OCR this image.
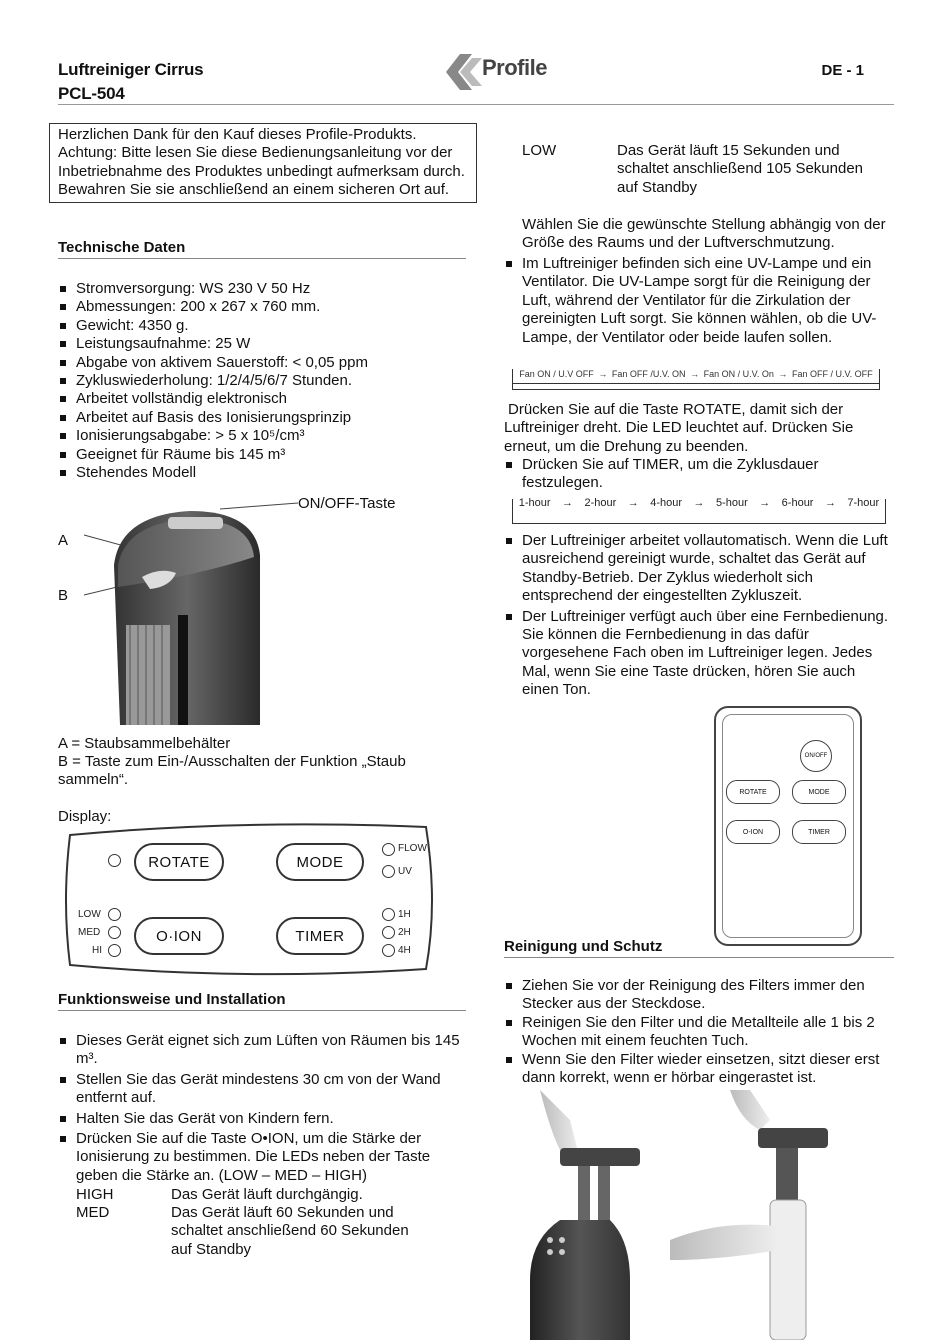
Luftreiniger Cirrus
PCL-504
Profile	DE - 1
Herzlichen Dank für den Kauf dieses Profile-Produkts. Achtung: Bitte lesen Sie diese Bedienungsanleitung vor der Inbetriebnahme des Produktes unbedingt aufmerksam durch. Bewahren Sie sie anschließend an einem sicheren Ort auf.
Technische Daten
Stromversorgung: WS 230 V 50 Hz
Abmessungen: 200 x 267 x 760 mm.
Gewicht: 4350 g.
Leistungsaufnahme: 25 W
Abgabe von aktivem Sauerstoff: < 0,05 ppm
Zykluswiederholung: 1/2/4/5/6/7 Stunden.
Arbeitet vollständig elektronisch
Arbeitet auf Basis des Ionisierungsprinzip
Ionisierungsabgabe: > 5 x 10⁵/cm³
Geeignet für Räume bis 145 m³
Stehendes Modell
ON/OFF-Taste
A
B
A = Staubsammelbehälter
B = Taste zum Ein-/Ausschalten der Funktion „Staub sammeln“.
Display:
ROTATE	MODE
FLOW
UV
LOW
MED
HI
O·ION	TIMER
1H
2H
4H
Funktionsweise und Installation
Dieses Gerät eignet sich zum Lüften von Räumen bis 145 m³.
Stellen Sie das Gerät mindestens 30 cm von der Wand entfernt auf.
Halten Sie das Gerät von Kindern fern.
Drücken Sie auf die Taste O•ION, um die Stärke der Ionisierung zu bestimmen. Die LEDs neben der Taste geben die Stärke an. (LOW – MED – HIGH)
HIGH	Das Gerät läuft durchgängig.
MED	Das Gerät läuft 60 Sekunden und schaltet anschließend 60 Sekunden auf Standby
LOW	Das Gerät läuft 15 Sekunden und schaltet anschließend 105 Sekunden auf Standby
Wählen Sie die gewünschte Stellung abhängig von der Größe des Raums und der Luftverschmutzung.
Im Luftreiniger befinden sich eine UV-Lampe und ein Ventilator. Die UV-Lampe sorgt für die Reinigung der Luft, während der Ventilator für die Zirkulation der gereinigten Luft sorgt. Sie können wählen, ob die UV-Lampe, der Ventilator oder beide laufen sollen.
Fan ON / U.V OFF → Fan OFF /U.V. ON → Fan ON / U.V. On → Fan OFF / U.V. OFF
Drücken Sie auf die Taste ROTATE, damit sich der Luftreiniger dreht. Die LED leuchtet auf. Drücken Sie erneut, um die Drehung zu beenden.
Drücken Sie auf TIMER, um die Zyklusdauer festzulegen.
1-hour → 2-hour → 4-hour → 5-hour → 6-hour → 7-hour
Der Luftreiniger arbeitet vollautomatisch. Wenn die Luft ausreichend gereinigt wurde, schaltet das Gerät auf Standby-Betrieb. Der Zyklus wiederholt sich entsprechend der eingestellten Zykluszeit.
Der Luftreiniger verfügt auch über eine Fernbedienung. Sie können die Fernbedienung in das dafür vorgesehene Fach oben im Luftreiniger legen. Jedes Mal, wenn Sie eine Taste drücken, hören Sie auch einen Ton.
ON/OFF
ROTATE	MODE
O-ION	TIMER
Reinigung und Schutz
Ziehen Sie vor der Reinigung des Filters immer den Stecker aus der Steckdose.
Reinigen Sie den Filter und die Metallteile alle 1 bis 2 Wochen mit einem feuchten Tuch.
Wenn Sie den Filter wieder einsetzen, sitzt dieser erst dann korrekt, wenn er hörbar eingerastet ist.
